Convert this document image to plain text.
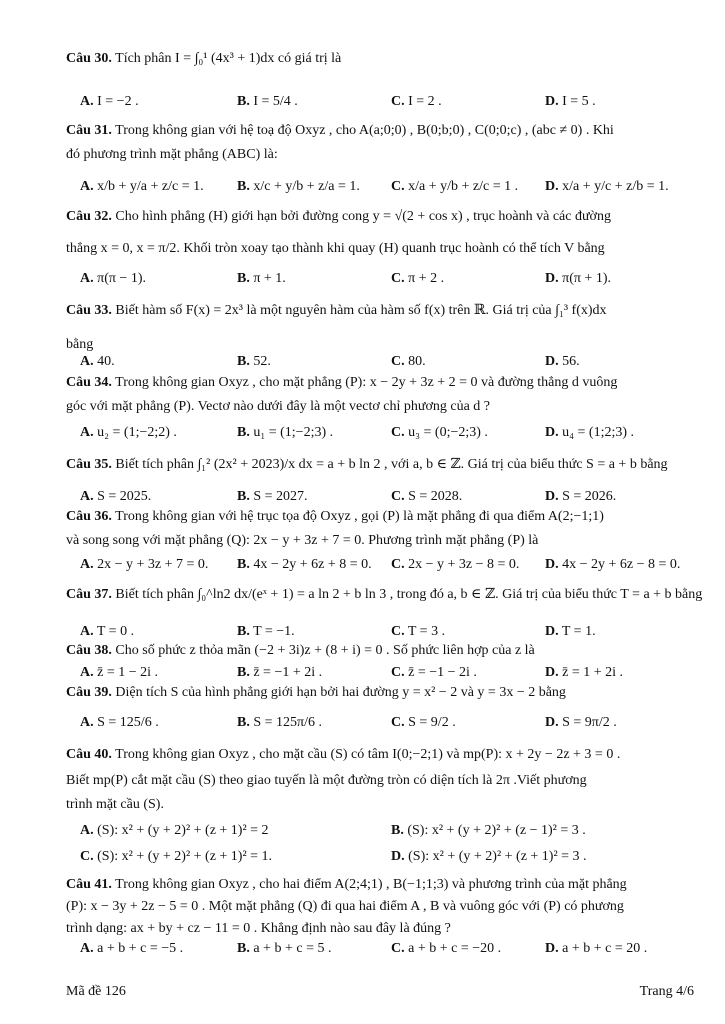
Câu 30. Tích phân I = ∫₀¹ (4x³ + 1)dx có giá trị là
A. I = −2 .	B. I = 5/4 .	C. I = 2 .	D. I = 5 .
Câu 31. Trong không gian với hệ toạ độ Oxyz , cho A(a;0;0) , B(0;b;0) , C(0;0;c) , (abc ≠ 0) . Khi
đó phương trình mặt phẳng (ABC) là:
A. x/b + y/a + z/c = 1. B. x/c + y/b + z/a = 1. C. x/a + y/b + z/c = 1 . D. x/a + y/c + z/b = 1.
Câu 32. Cho hình phẳng (H) giới hạn bởi đường cong y = √(2 + cos x) , trục hoành và các đường
thẳng x = 0, x = π/2. Khối tròn xoay tạo thành khi quay (H) quanh trục hoành có thể tích V bằng
A. π(π − 1).	B. π + 1.	C. π + 2 .	D. π(π + 1).
Câu 33. Biết hàm số F(x) = 2x³ là một nguyên hàm của hàm số f(x) trên ℝ. Giá trị của ∫₁³ f(x)dx
bằng
A. 40.	B. 52.	C. 80.	D. 56.
Câu 34. Trong không gian Oxyz , cho mặt phẳng (P): x − 2y + 3z + 2 = 0 và đường thẳng d vuông
góc với mặt phẳng (P). Vectơ nào dưới đây là một vectơ chỉ phương của d ?
A. u₂ = (1;−2;2) .	B. u₁ = (1;−2;3) .	C. u₃ = (0;−2;3) .	D. u₄ = (1;2;3) .
Câu 35. Biết tích phân ∫₁² (2x² + 2023)/x dx = a + b ln 2 , với a, b ∈ ℤ. Giá trị của biểu thức S = a + b bằng
A. S = 2025.	B. S = 2027.	C. S = 2028.	D. S = 2026.
Câu 36. Trong không gian với hệ trục tọa độ Oxyz , gọi (P) là mặt phẳng đi qua điểm A(2;−1;1)
và song song với mặt phẳng (Q): 2x − y + 3z + 7 = 0. Phương trình mặt phẳng (P) là
A. 2x − y + 3z + 7 = 0. B. 4x − 2y + 6z + 8 = 0. C. 2x − y + 3z − 8 = 0. D. 4x − 2y + 6z − 8 = 0.
Câu 37. Biết tích phân ∫₀^ln2 dx/(eˣ + 1) = a ln 2 + b ln 3 , trong đó a, b ∈ ℤ. Giá trị của biểu thức T = a + b bằng
A. T = 0 .	B. T = −1.	C. T = 3 .	D. T = 1.
Câu 38. Cho số phức z thỏa mãn (−2 + 3i)z + (8 + i) = 0 . Số phức liên hợp của z là
A. z̄ = 1 − 2i .	B. z̄ = −1 + 2i .	C. z̄ = −1 − 2i .	D. z̄ = 1 + 2i .
Câu 39. Diện tích S của hình phẳng giới hạn bởi hai đường y = x² − 2 và y = 3x − 2 bằng
A. S = 125/6 .	B. S = 125π/6 .	C. S = 9/2 .	D. S = 9π/2 .
Câu 40. Trong không gian Oxyz , cho mặt cầu (S) có tâm I(0;−2;1) và mp(P): x + 2y − 2z + 3 = 0 .
Biết mp(P) cắt mặt cầu (S) theo giao tuyến là một đường tròn có diện tích là 2π .Viết phương
trình mặt cầu (S).
A. (S): x² + (y + 2)² + (z + 1)² = 2	B. (S): x² + (y + 2)² + (z − 1)² = 3 .
C. (S): x² + (y + 2)² + (z + 1)² = 1.	D. (S): x² + (y + 2)² + (z + 1)² = 3 .
Câu 41. Trong không gian Oxyz , cho hai điểm A(2;4;1) , B(−1;1;3) và phương trình của mặt phẳng
(P): x − 3y + 2z − 5 = 0 . Một mặt phẳng (Q) đi qua hai điểm A , B và vuông góc với (P) có phương
trình dạng: ax + by + cz − 11 = 0 . Khẳng định nào sau đây là đúng ?
A. a + b + c = −5 .	B. a + b + c = 5 .	C. a + b + c = −20 .	D. a + b + c = 20 .
Mã đề 126	Trang 4/6
